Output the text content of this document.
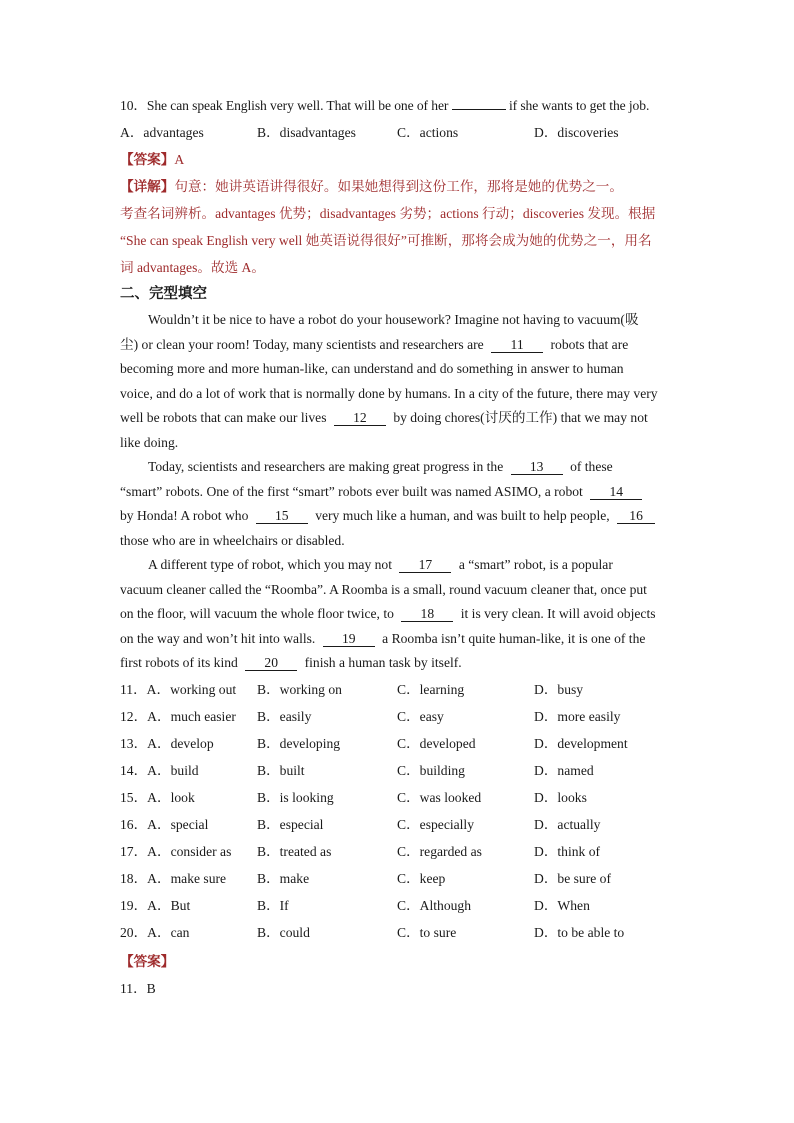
10．She can speak English very well. That will be one of her	if she wants to get the job.
A．advantages	B．disadvantages	C．actions	D．discoveries
【答案】A
【详解】句意：她讲英语讲得很好。如果她想得到这份工作，那将是她的优势之一。
考查名词辨析。advantages 优势；disadvantages 劣势；actions 行动；discoveries 发现。根据
“She can speak English very well 她英语说得很好”可推断，那将会成为她的优势之一，用名
词 advantages。故选 A。
二、完型填空
Wouldn’t it be nice to have a robot do your housework? Imagine not having to vacuum(吸
尘) or clean your room! Today, many scientists and researchers are 11 robots that are
becoming more and more human-like, can understand and do something in answer to human
voice, and do a lot of work that is normally done by humans. In a city of the future, there may very
well be robots that can make our lives 12 by doing chores(讨厌的工作) that we may not
like doing.
Today, scientists and researchers are making great progress in the 13 of these
“smart” robots. One of the first “smart” robots ever built was named ASIMO, a robot 14
by Honda! A robot who 15 very much like a human, and was built to help people, 16
those who are in wheelchairs or disabled.
A different type of robot, which you may not 17 a “smart” robot, is a popular
vacuum cleaner called the “Roomba”. A Roomba is a small, round vacuum cleaner that, once put
on the floor, will vacuum the whole floor twice, to 18 it is very clean. It will avoid objects
on the way and won’t hit into walls. 19 a Roomba isn’t quite human-like, it is one of the
first robots of its kind 20 finish a human task by itself.
11．A．working out B．working on	C．learning	D．busy
12．A．much easier B．easily	C．easy	D．more easily
13．A．develop	B．developing	C．developed	D．development
14．A．build	B．built	C．building	D．named
15．A．look	B．is looking	C．was looked	D．looks
16．A．special	B．especial	C．especially	D．actually
17．A．consider as B．treated as	C．regarded as	D．think of
18．A．make sure B．make	C．keep	D．be sure of
19．A．But	B．If	C．Although	D．When
20．A．can	B．could	C．to sure	D．to be able to
【答案】
11．B
